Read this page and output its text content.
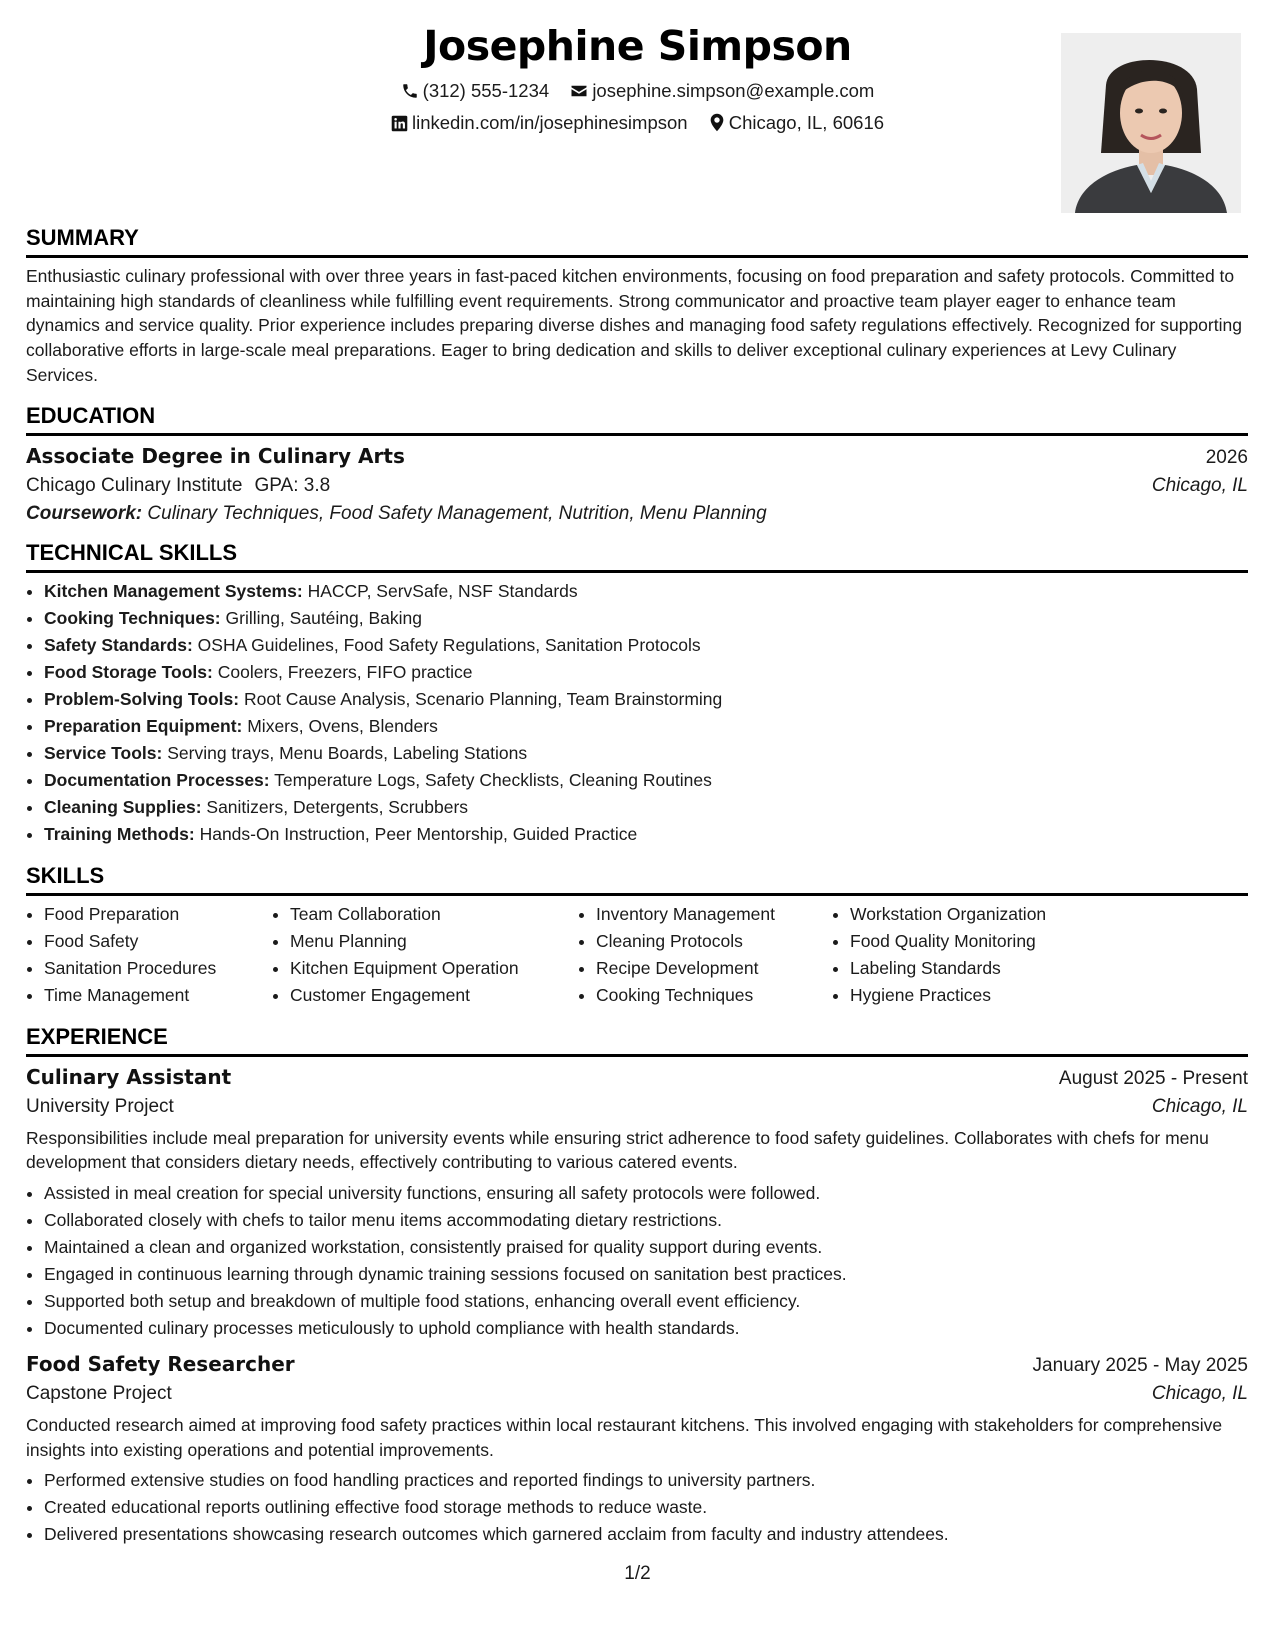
Josephine Simpson
(312) 555-1234 josephine.simpson@example.com
linkedin.com/in/josephinesimpson Chicago, IL, 60616
SUMMARY

Enthusiastic culinary professional with over three years in fast-paced kitchen environments, focusing on food preparation and safety protocols. Committed to maintaining high standards of cleanliness while fulfilling event requirements. Strong communicator and proactive team player eager to enhance team dynamics and service quality. Prior experience includes preparing diverse dishes and managing food safety regulations effectively. Recognized for supporting collaborative efforts in large-scale meal preparations. Eager to bring dedication and skills to deliver exceptional culinary experiences at Levy Culinary Services.

EDUCATION
Associate Degree in Culinary Arts	2026
Chicago Culinary Institute GPA: 3.8	Chicago, IL
Coursework: Culinary Techniques, Food Safety Management, Nutrition, Menu Planning
TECHNICAL SKILLS
• Kitchen Management Systems: HACCP, ServSafe, NSF Standards
• Cooking Techniques: Grilling, Sautéing, Baking
• Safety Standards: OSHA Guidelines, Food Safety Regulations, Sanitation Protocols
• Food Storage Tools: Coolers, Freezers, FIFO practice
• Problem-Solving Tools: Root Cause Analysis, Scenario Planning, Team Brainstorming
• Preparation Equipment: Mixers, Ovens, Blenders
• Service Tools: Serving trays, Menu Boards, Labeling Stations
• Documentation Processes: Temperature Logs, Safety Checklists, Cleaning Routines
• Cleaning Supplies: Sanitizers, Detergents, Scrubbers
• Training Methods: Hands-On Instruction, Peer Mentorship, Guided Practice
SKILLS
• Food Preparation
• Food Safety
• Sanitation Procedures
• Time Management
• Team Collaboration
• Menu Planning
• Kitchen Equipment Operation
• Customer Engagement
• Inventory Management
• Cleaning Protocols
• Recipe Development
• Cooking Techniques
• Workstation Organization
• Food Quality Monitoring
• Labeling Standards
• Hygiene Practices
EXPERIENCE
Culinary Assistant	August 2025 - Present
University Project	Chicago, IL

Responsibilities include meal preparation for university events while ensuring strict adherence to food safety guidelines. Collaborates with chefs for menu development that considers dietary needs, effectively contributing to various catered events.

• Assisted in meal creation for special university functions, ensuring all safety protocols were followed.
• Collaborated closely with chefs to tailor menu items accommodating dietary restrictions.
• Maintained a clean and organized workstation, consistently praised for quality support during events.
• Engaged in continuous learning through dynamic training sessions focused on sanitation best practices.
• Supported both setup and breakdown of multiple food stations, enhancing overall event efficiency.
• Documented culinary processes meticulously to uphold compliance with health standards.
Food Safety Researcher	January 2025 - May 2025
Capstone Project	Chicago, IL

Conducted research aimed at improving food safety practices within local restaurant kitchens. This involved engaging with stakeholders for comprehensive insights into existing operations and potential improvements.

• Performed extensive studies on food handling practices and reported findings to university partners.
• Created educational reports outlining effective food storage methods to reduce waste.
• Delivered presentations showcasing research outcomes which garnered acclaim from faculty and industry attendees.
1/2
